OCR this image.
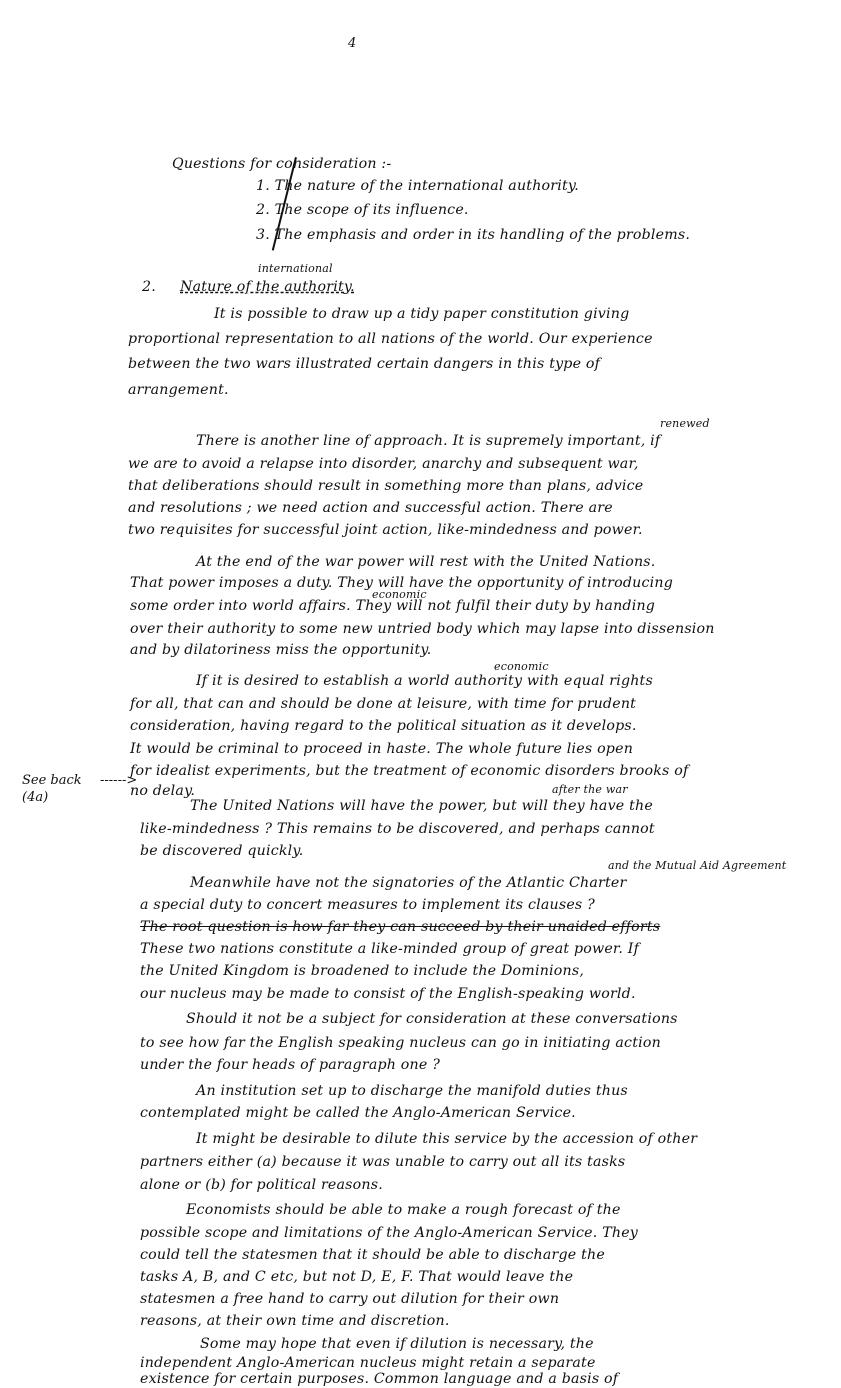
4
Questions for consideration :-
1. The nature of the international authority.
2. The scope of its influence.
3. The emphasis and order in its handling of the problems.
international
2. Nature of the authority.
It is possible to draw up a tidy paper constitution giving
proportional representation to all nations of the world. Our experience
between the two wars illustrated certain dangers in this type of
arrangement.
renewed
There is another line of approach. It is supremely important, if
we are to avoid a relapse into disorder, anarchy and subsequent war,
that deliberations should result in something more than plans, advice
and resolutions ; we need action and successful action. There are
two requisites for successful joint action, like-mindedness and power.
At the end of the war power will rest with the United Nations.
That power imposes a duty. They will have the opportunity of introducing
economic
some order into world affairs. They will not fulfil their duty by handing
over their authority to some new untried body which may lapse into dissension
and by dilatoriness miss the opportunity.
economic
If it is desired to establish a world authority with equal rights
for all, that can and should be done at leisure, with time for prudent
consideration, having regard to the political situation as it develops.
It would be criminal to proceed in haste. The whole future lies open
for idealist experiments, but the treatment of economic disorders brooks of
no delay.
See back
(4a)
------>
after the war
The United Nations will have the power, but will they have the
like-mindedness ? This remains to be discovered, and perhaps cannot
be discovered quickly.
and the Mutual Aid Agreement
Meanwhile have not the signatories of the Atlantic Charter
a special duty to concert measures to implement its clauses ?
The root question is how far they can succeed by their unaided efforts
These two nations constitute a like-minded group of great power. If
the United Kingdom is broadened to include the Dominions,
our nucleus may be made to consist of the English-speaking world.
Should it not be a subject for consideration at these conversations
to see how far the English speaking nucleus can go in initiating action
under the four heads of paragraph one ?
An institution set up to discharge the manifold duties thus
contemplated might be called the Anglo-American Service.
It might be desirable to dilute this service by the accession of other
partners either (a) because it was unable to carry out all its tasks
alone or (b) for political reasons.
Economists should be able to make a rough forecast of the
possible scope and limitations of the Anglo-American Service. They
could tell the statesmen that it should be able to discharge the
tasks A, B, and C etc, but not D, E, F. That would leave the
statesmen a free hand to carry out dilution for their own
reasons, at their own time and discretion.
Some may hope that even if dilution is necessary, the
independent Anglo-American nucleus might retain a separate
existence for certain purposes. Common language and a basis of
